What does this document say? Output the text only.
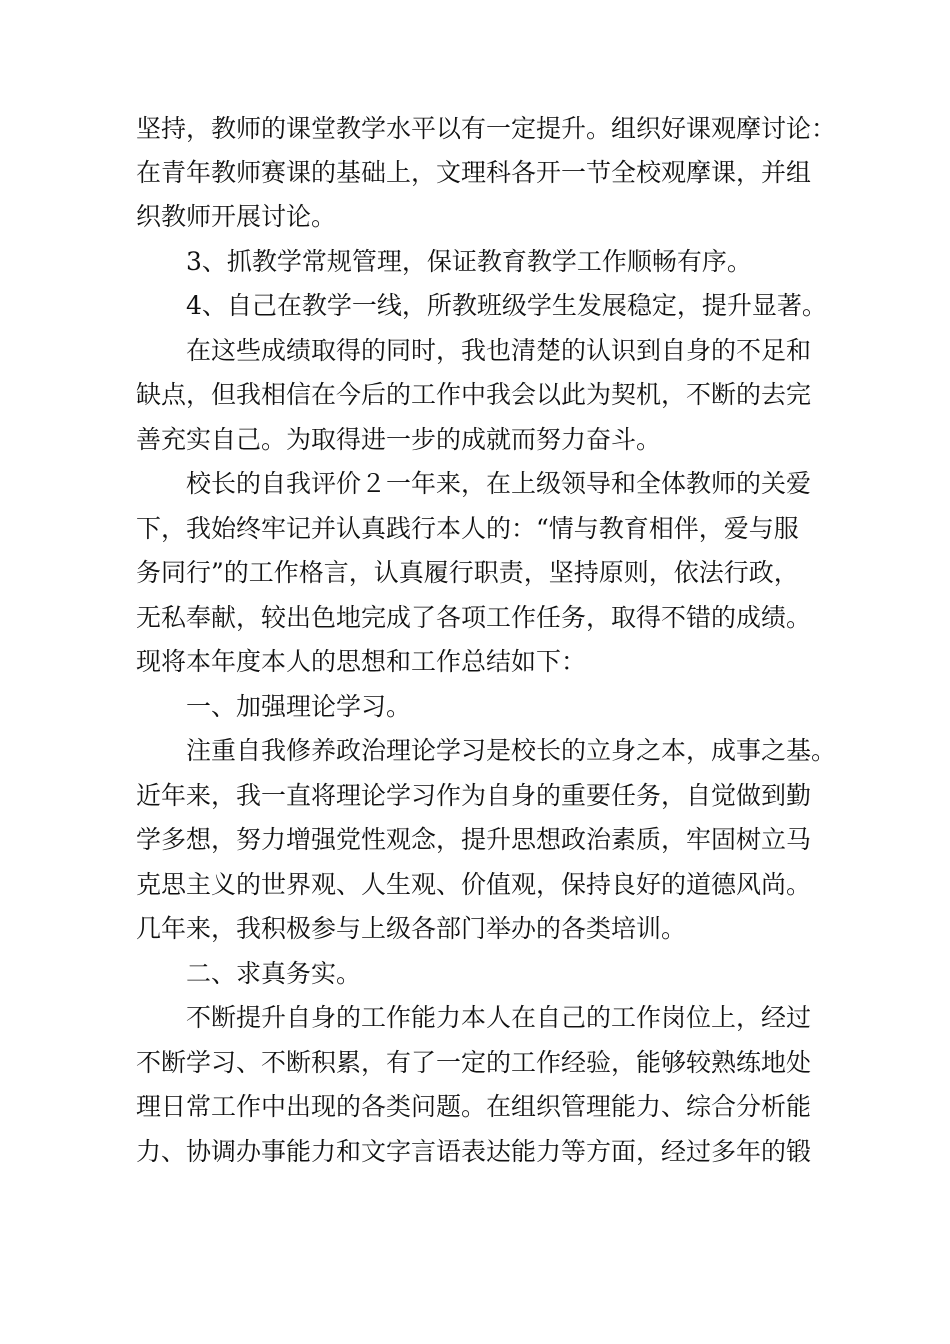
坚持，教师的课堂教学水平以有一定提升。组织好课观摩讨论：
在青年教师赛课的基础上，文理科各开一节全校观摩课，并组
织教师开展讨论。
3、抓教学常规管理，保证教育教学工作顺畅有序。
4、自己在教学一线，所教班级学生发展稳定，提升显著。
在这些成绩取得的同时，我也清楚的认识到自身的不足和
缺点，但我相信在今后的工作中我会以此为契机，不断的去完
善充实自己。为取得进一步的成就而努力奋斗。
校长的自我评价２一年来，在上级领导和全体教师的关爱
下，我始终牢记并认真践行本人的：“情与教育相伴，爱与服
务同行”的工作格言，认真履行职责，坚持原则，依法行政，
无私奉献，较出色地完成了各项工作任务，取得不错的成绩。
现将本年度本人的思想和工作总结如下：
一、加强理论学习。
注重自我修养政治理论学习是校长的立身之本，成事之基。
近年来，我一直将理论学习作为自身的重要任务，自觉做到勤
学多想，努力增强党性观念，提升思想政治素质，牢固树立马
克思主义的世界观、人生观、价值观，保持良好的道德风尚。
几年来，我积极参与上级各部门举办的各类培训。
二、求真务实。
不断提升自身的工作能力本人在自己的工作岗位上，经过
不断学习、不断积累，有了一定的工作经验，能够较熟练地处
理日常工作中出现的各类问题。在组织管理能力、综合分析能
力、协调办事能力和文字言语表达能力等方面，经过多年的锻
